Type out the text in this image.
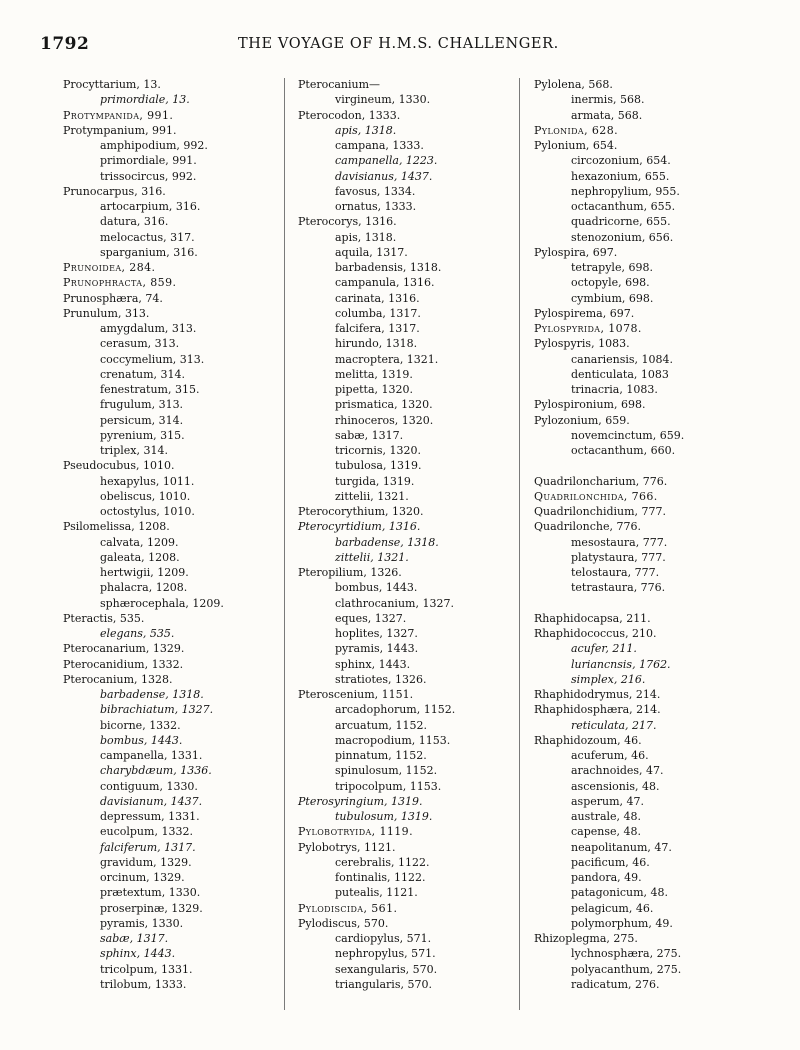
1792	THE VOYAGE OF H.M.S. CHALLENGER.
Procyttarium, 13.
primordiale, 13.
Protympanida, 991.
Protympanium, 991.
amphipodium, 992.
primordiale, 991.
trissocircus, 992.
Prunocarpus, 316.
artocarpium, 316.
datura, 316.
melocactus, 317.
sparganium, 316.
Prunoidea, 284.
Prunophracta, 859.
Prunosphæra, 74.
Prunulum, 313.
amygdalum, 313.
cerasum, 313.
coccymelium, 313.
crenatum, 314.
fenestratum, 315.
frugulum, 313.
persicum, 314.
pyrenium, 315.
triplex, 314.
Pseudocubus, 1010.
hexapylus, 1011.
obeliscus, 1010.
octostylus, 1010.
Psilomelissa, 1208.
calvata, 1209.
galeata, 1208.
hertwigii, 1209.
phalacra, 1208.
sphærocephala, 1209.
Pteractis, 535.
elegans, 535.
Pterocanarium, 1329.
Pterocanidium, 1332.
Pterocanium, 1328.
barbadense, 1318.
bibrachiatum, 1327.
bicorne, 1332.
bombus, 1443.
campanella, 1331.
charybdæum, 1336.
contiguum, 1330.
davisianum, 1437.
depressum, 1331.
eucolpum, 1332.
falciferum, 1317.
gravidum, 1329.
orcinum, 1329.
prætextum, 1330.
proserpinæ, 1329.
pyramis, 1330.
sabæ, 1317.
sphinx, 1443.
tricolpum, 1331.
trilobum, 1333.
Pterocanium—
virgineum, 1330.
Pterocodon, 1333.
apis, 1318.
campana, 1333.
campanella, 1223.
davisianus, 1437.
favosus, 1334.
ornatus, 1333.
Pterocorys, 1316.
apis, 1318.
aquila, 1317.
barbadensis, 1318.
campanula, 1316.
carinata, 1316.
columba, 1317.
falcifera, 1317.
hirundo, 1318.
macroptera, 1321.
melitta, 1319.
pipetta, 1320.
prismatica, 1320.
rhinoceros, 1320.
sabæ, 1317.
tricornis, 1320.
tubulosa, 1319.
turgida, 1319.
zittelii, 1321.
Pterocorythium, 1320.
Pterocyrtidium, 1316.
barbadense, 1318.
zittelii, 1321.
Pteropilium, 1326.
bombus, 1443.
clathrocanium, 1327.
eques, 1327.
hoplites, 1327.
pyramis, 1443.
sphinx, 1443.
stratiotes, 1326.
Pteroscenium, 1151.
arcadophorum, 1152.
arcuatum, 1152.
macropodium, 1153.
pinnatum, 1152.
spinulosum, 1152.
tripocolpum, 1153.
Pterosyringium, 1319.
tubulosum, 1319.
Pylobotryida, 1119.
Pylobotrys, 1121.
cerebralis, 1122.
fontinalis, 1122.
putealis, 1121.
Pylodiscida, 561.
Pylodiscus, 570.
cardiopylus, 571.
nephropylus, 571.
sexangularis, 570.
triangularis, 570.
Pylolena, 568.
inermis, 568.
armata, 568.
Pylonida, 628.
Pylonium, 654.
circozonium, 654.
hexazonium, 655.
nephropylium, 955.
octacanthum, 655.
quadricorne, 655.
stenozonium, 656.
Pylospira, 697.
tetrapyle, 698.
octopyle, 698.
cymbium, 698.
Pylospirema, 697.
Pylospyrida, 1078.
Pylospyris, 1083.
canariensis, 1084.
denticulata, 1083
trinacria, 1083.
Pylospironium, 698.
Pylozonium, 659.
novemcinctum, 659.
octacanthum, 660.
Quadriloncharium, 776.
Quadrilonchida, 766.
Quadrilonchidium, 777.
Quadrilonche, 776.
mesostaura, 777.
platystaura, 777.
telostaura, 777.
tetrastaura, 776.
Rhaphidocapsa, 211.
Rhaphidococcus, 210.
acufer, 211.
luriancnsis, 1762.
simplex, 216.
Rhaphidodrymus, 214.
Rhaphidosphæra, 214.
reticulata, 217.
Rhaphidozoum, 46.
acuferum, 46.
arachnoides, 47.
ascensionis, 48.
asperum, 47.
australe, 48.
capense, 48.
neapolitanum, 47.
pacificum, 46.
pandora, 49.
patagonicum, 48.
pelagicum, 46.
polymorphum, 49.
Rhizoplegma, 275.
lychnosphæra, 275.
polyacanthum, 275.
radicatum, 276.
